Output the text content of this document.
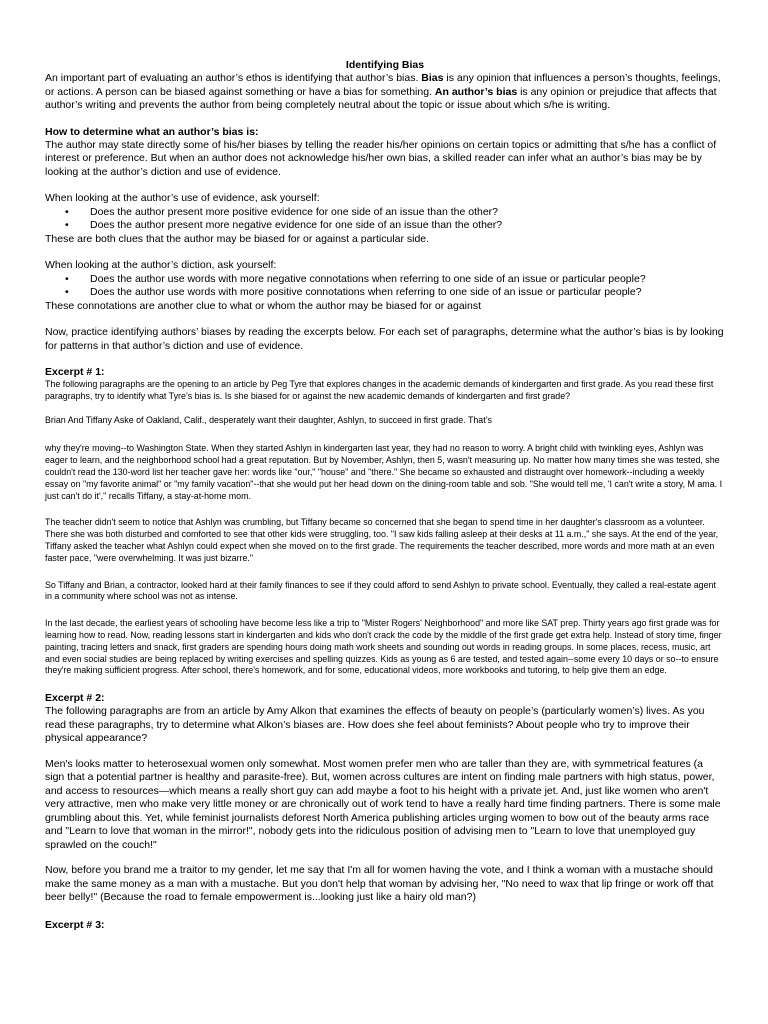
Identifying Bias

An important part of evaluating an author’s ethos is identifying that author’s bias. Bias is any opinion that influences a person’s thoughts, feelings, or actions. A person can be biased against something or have a bias for something. An author’s bias is any opinion or prejudice that affects that author’s writing and prevents the author from being completely neutral about the topic or issue about which s/he is writing.

How to determine what an author’s bias is:

The author may state directly some of his/her biases by telling the reader his/her opinions on certain topics or admitting that s/he has a conflict of interest or preference. But when an author does not acknowledge his/her own bias, a skilled reader can infer what an author’s bias may be by looking at the author’s diction and use of evidence.

When looking at the author’s use of evidence, ask yourself:

• Does the author present more positive evidence for one side of an issue than the other?
• Does the author present more negative evidence for one side of an issue than the other?

These are both clues that the author may be biased for or against a particular side.

When looking at the author’s diction, ask yourself:

• Does the author use words with more negative connotations when referring to one side of an issue or particular people?
• Does the author use words with more positive connotations when referring to one side of an issue or particular people?

These connotations are another clue to what or whom the author may be biased for or against

Now, practice identifying authors’ biases by reading the excerpts below. For each set of paragraphs, determine what the author’s bias is by looking for patterns in that author’s diction and use of evidence.

Excerpt # 1:

The following paragraphs are the opening to an article by Peg Tyre that explores changes in the academic demands of kindergarten and first grade. As you read these first paragraphs, try to identify what Tyre’s bias is. Is she biased for or against the new academic demands of kindergarten and first grade?

Brian And Tiffany Aske of Oakland, Calif., desperately want their daughter, Ashlyn, to succeed in first grade. That’s

why they're moving--to Washington State. When they started Ashlyn in kindergarten last year, they had no reason to worry. A bright child with twinkling eyes, Ashlyn was eager to learn, and the neighborhood school had a great reputation. But by November, Ashlyn, then 5, wasn't measuring up. No matter how many times she was tested, she couldn't read the 130-word list her teacher gave her: words like "our," "house" and "there." She became so exhausted and distraught over homework--including a weekly essay on "my favorite animal" or "my family vacation"--that she would put her head down on the dining-room table and sob. "She would tell me, 'I can't write a story, M ama. I just can't do it'," recalls Tiffany, a stay-at-home mom.

The teacher didn't seem to notice that Ashlyn was crumbling, but Tiffany became so concerned that she began to spend time in her daughter's classroom as a volunteer. There she was both disturbed and comforted to see that other kids were struggling, too. "I saw kids falling asleep at their desks at 11 a.m.," she says. At the end of the year, Tiffany asked the teacher what Ashlyn could expect when she moved on to the first grade. The requirements the teacher described, more words and more math at an even faster pace, "were overwhelming. It was just bizarre."

So Tiffany and Brian, a contractor, looked hard at their family finances to see if they could afford to send Ashlyn to private school. Eventually, they called a real-estate agent in a community where school was not as intense.

In the last decade, the earliest years of schooling have become less like a trip to "Mister Rogers' Neighborhood" and more like SAT prep. Thirty years ago first grade was for learning how to read. Now, reading lessons start in kindergarten and kids who don't crack the code by the middle of the first grade get extra help. Instead of story time, finger painting, tracing letters and snack, first graders are spending hours doing math work sheets and sounding out words in reading groups. In some places, recess, music, art and even social studies are being replaced by writing exercises and spelling quizzes. Kids as young as 6 are tested, and tested again--some every 10 days or so--to ensure they're making sufficient progress. After school, there's homework, and for some, educational videos, more workbooks and tutoring, to help give them an edge.

Excerpt # 2:

The following paragraphs are from an article by Amy Alkon that examines the effects of beauty on people’s (particularly women’s) lives. As you read these paragraphs, try to determine what Alkon’s biases are. How does she feel about feminists? About people who try to improve their physical appearance?

Men's looks matter to heterosexual women only somewhat. Most women prefer men who are taller than they are, with symmetrical features (a sign that a potential partner is healthy and parasite-free). But, women across cultures are intent on finding male partners with high status, power, and access to resources—which means a really short guy can add maybe a foot to his height with a private jet. And, just like women who aren't very attractive, men who make very little money or are chronically out of work tend to have a really hard time finding partners. There is some male grumbling about this. Yet, while feminist journalists deforest North America publishing articles urging women to bow out of the beauty arms race and "Learn to love that woman in the mirror!", nobody gets into the ridiculous position of advising men to "Learn to love that unemployed guy sprawled on the couch!"

Now, before you brand me a traitor to my gender, let me say that I'm all for women having the vote, and I think a woman with a mustache should make the same money as a man with a mustache. But you don't help that woman by advising her, "No need to wax that lip fringe or work off that beer belly!" (Because the road to female empowerment is...looking just like a hairy old man?)

Excerpt # 3:
